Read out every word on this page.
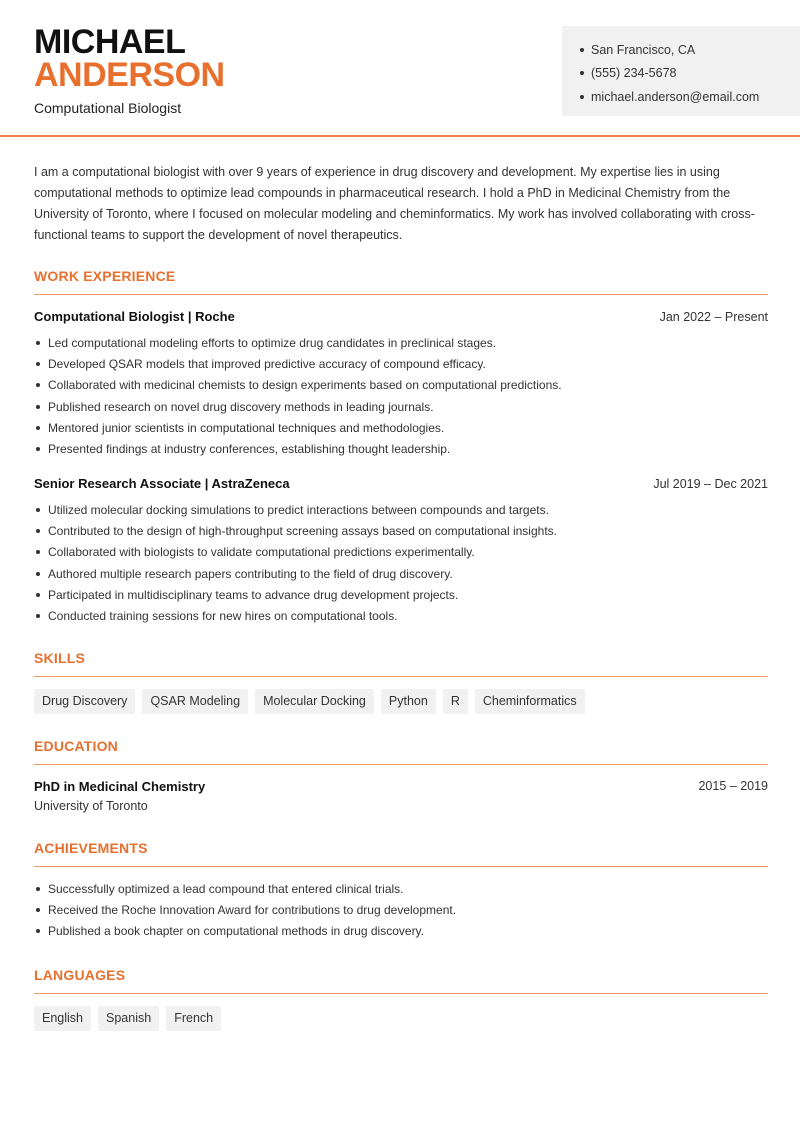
MICHAEL
ANDERSON
Computational Biologist
San Francisco, CA
(555) 234-5678
michael.anderson@email.com

I am a computational biologist with over 9 years of experience in drug discovery and development. My expertise lies in using computational methods to optimize lead compounds in pharmaceutical research. I hold a PhD in Medicinal Chemistry from the University of Toronto, where I focused on molecular modeling and cheminformatics. My work has involved collaborating with cross-functional teams to support the development of novel therapeutics.

WORK EXPERIENCE
Computational Biologist | Roche	Jan 2022 – Present
Led computational modeling efforts to optimize drug candidates in preclinical stages.
Developed QSAR models that improved predictive accuracy of compound efficacy.
Collaborated with medicinal chemists to design experiments based on computational predictions.
Published research on novel drug discovery methods in leading journals.
Mentored junior scientists in computational techniques and methodologies.
Presented findings at industry conferences, establishing thought leadership.
Senior Research Associate | AstraZeneca	Jul 2019 – Dec 2021
Utilized molecular docking simulations to predict interactions between compounds and targets.
Contributed to the design of high-throughput screening assays based on computational insights.
Collaborated with biologists to validate computational predictions experimentally.
Authored multiple research papers contributing to the field of drug discovery.
Participated in multidisciplinary teams to advance drug development projects.
Conducted training sessions for new hires on computational tools.
SKILLS
Drug Discovery	QSAR Modeling	Molecular Docking	Python	R	Cheminformatics
EDUCATION
PhD in Medicinal Chemistry	2015 – 2019
University of Toronto
ACHIEVEMENTS
Successfully optimized a lead compound that entered clinical trials.
Received the Roche Innovation Award for contributions to drug development.
Published a book chapter on computational methods in drug discovery.
LANGUAGES
English	Spanish	French
